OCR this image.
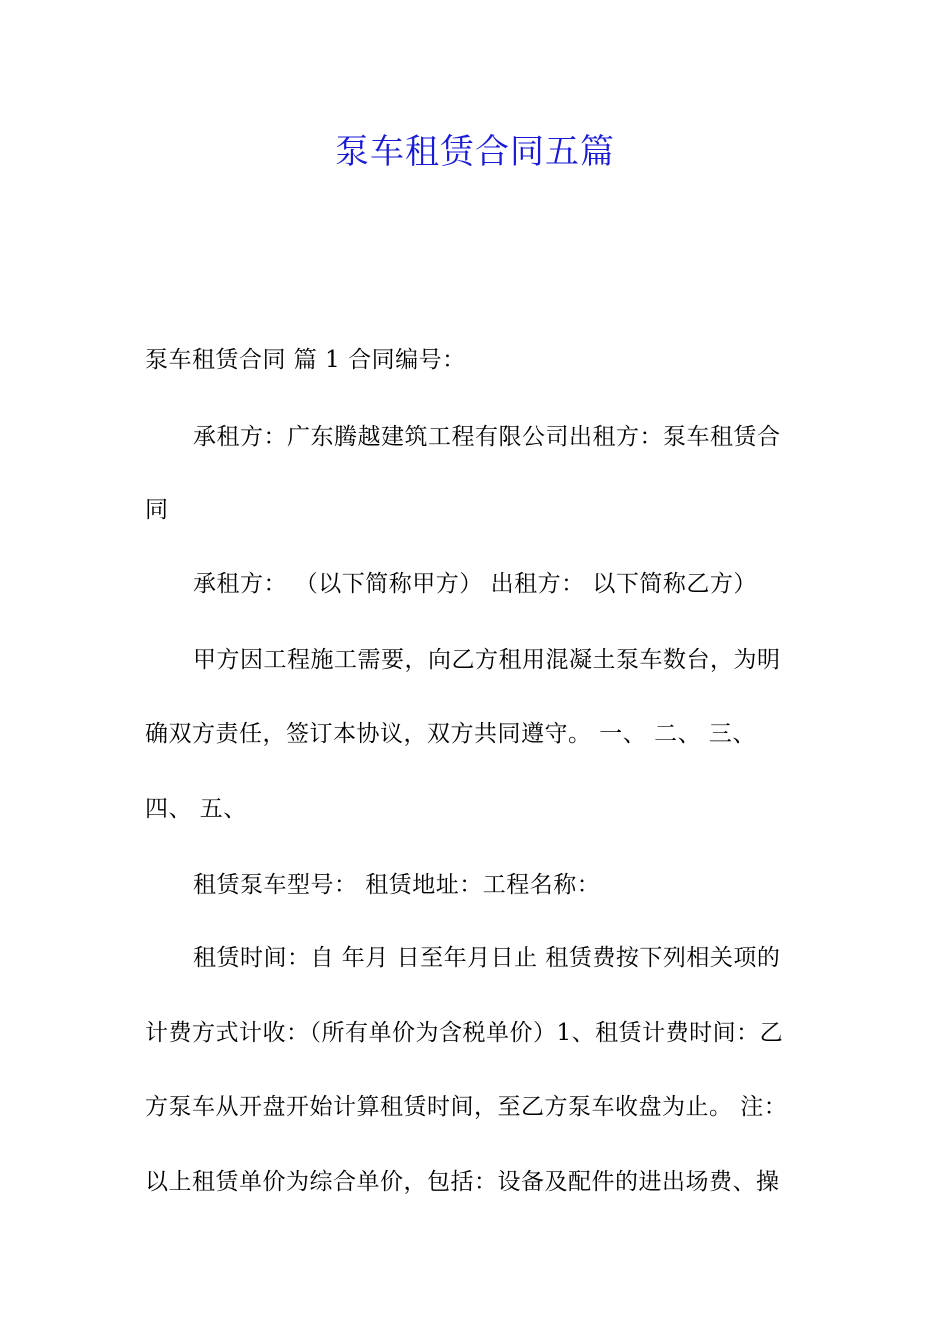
泵车租赁合同五篇
泵车租赁合同 篇 1 合同编号：
承租方：广东腾越建筑工程有限公司出租方：泵车租赁合
同
承租方： （以下简称甲方） 出租方： 以下简称乙方）
甲方因工程施工需要，向乙方租用混凝土泵车数台，为明
确双方责任，签订本协议，双方共同遵守。 一、 二、 三、
四、 五、
租赁泵车型号： 租赁地址：工程名称：
租赁时间：自 年月 日至年月日止 租赁费按下列相关项的
计费方式计收：（所有单价为含税单价）1、租赁计费时间：乙
方泵车从开盘开始计算租赁时间，至乙方泵车收盘为止。 注：
以上租赁单价为综合单价，包括：设备及配件的进出场费、操
